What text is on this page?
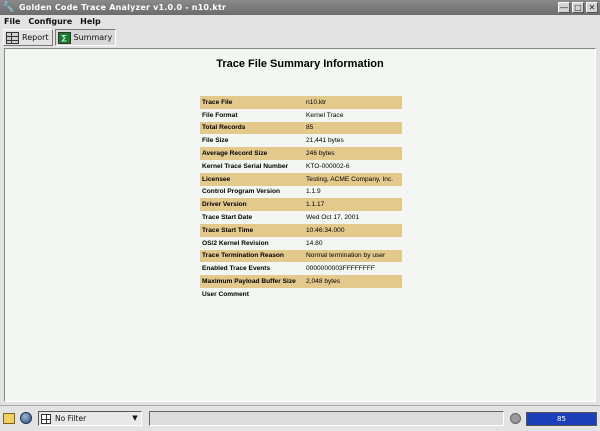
🔧 Golden Code Trace Analyzer v1.0.0 - n10.ktr	― □ ✕
File Configure Help
Report	∑ Summary
Trace File Summary Information
Trace File	n10.ktr
File Format	Kernel Trace
Total Records	85
File Size	21,441 bytes
Average Record Size	246 bytes
Kernel Trace Serial Number	KTO-000002-6
Licensee	Testing, ACME Company, Inc.
Control Program Version	1.1.9
Driver Version	1.1.17
Trace Start Date	Wed Oct 17, 2001
Trace Start Time	10:46:34.000
OS/2 Kernel Revision	14.80
Trace Termination Reason	Normal termination by user
Enabled Trace Events	0000000003FFFFFFFF
Maximum Payload Buffer Size	2,048 bytes
User Comment	
No Filter	▼	85
